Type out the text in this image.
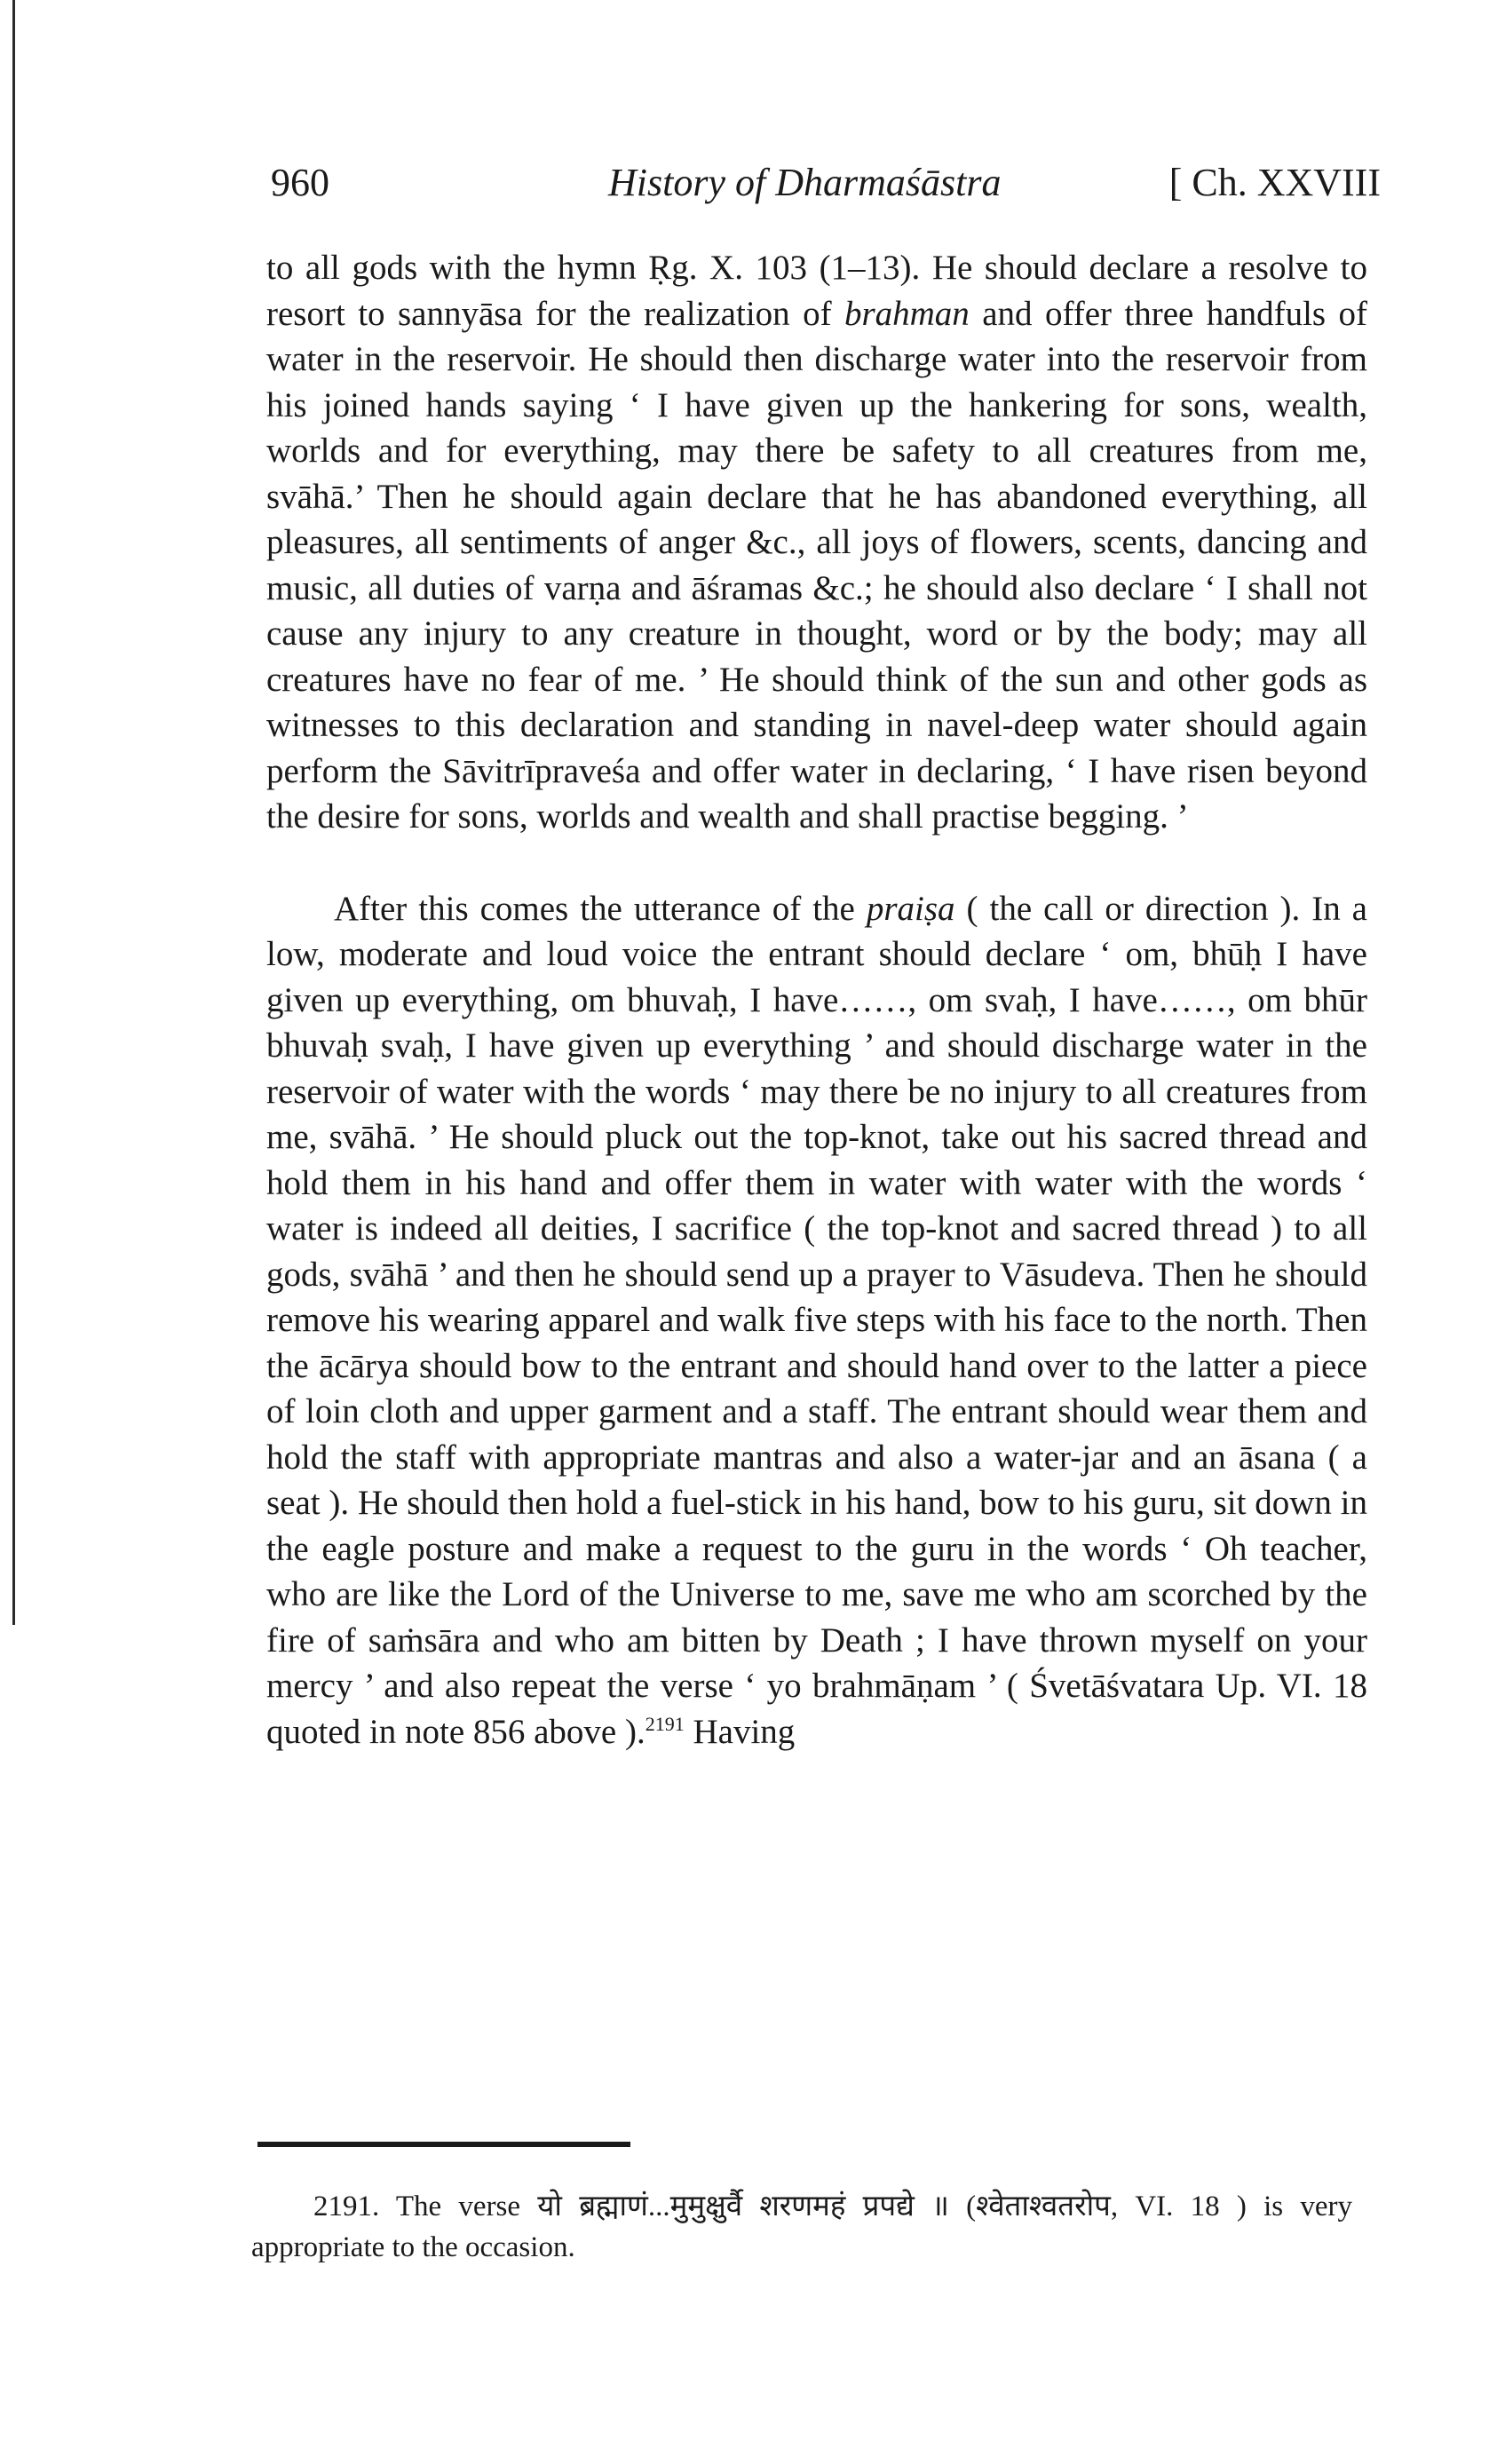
960	History of Dharmaśāstra	[ Ch. XXVIII

to all gods with the hymn Ṛg. X. 103 (1–13). He should declare a resolve to resort to sannyāsa for the realization of brahman and offer three handfuls of water in the reservoir. He should then discharge water into the reservoir from his joined hands saying ‘ I have given up the hankering for sons, wealth, worlds and for everything, may there be safety to all creatures from me, svāhā.’ Then he should again declare that he has abandoned everything, all pleasures, all sentiments of anger &c., all joys of flowers, scents, dancing and music, all duties of varṇa and āśramas &c.; he should also declare ‘ I shall not cause any injury to any creature in thought, word or by the body; may all creatures have no fear of me. ’ He should think of the sun and other gods as witnesses to this declaration and standing in navel-deep water should again perform the Sāvitrīpraveśa and offer water in declaring, ‘ I have risen beyond the desire for sons, worlds and wealth and shall practise begging. ’

After this comes the utterance of the praiṣa ( the call or direction ). In a low, moderate and loud voice the entrant should declare ‘ om, bhūḥ I have given up everything, om bhuvaḥ, I have……, om svaḥ, I have……, om bhūr bhuvaḥ svaḥ, I have given up everything ’ and should discharge water in the reservoir of water with the words ‘ may there be no injury to all creatures from me, svāhā. ’ He should pluck out the top-knot, take out his sacred thread and hold them in his hand and offer them in water with water with the words ‘ water is indeed all deities, I sacrifice ( the top-knot and sacred thread ) to all gods, svāhā ’ and then he should send up a prayer to Vāsudeva. Then he should remove his wearing apparel and walk five steps with his face to the north. Then the ācārya should bow to the entrant and should hand over to the latter a piece of loin cloth and upper garment and a staff. The entrant should wear them and hold the staff with appropriate mantras and also a water-jar and an āsana ( a seat ). He should then hold a fuel-stick in his hand, bow to his guru, sit down in the eagle posture and make a request to the guru in the words ‘ Oh teacher, who are like the Lord of the Universe to me, save me who am scorched by the fire of saṁsāra and who am bitten by Death ; I have thrown myself on your mercy ’ and also repeat the verse ‘ yo brahmāṇam ’ ( Śvetāśvatara Up. VI. 18 quoted in note 856 above ).$^{2191}$ Having

2191. The verse यो ब्रह्माणं...मुमुक्षुर्वै शरणमहं प्रपद्ये ॥ (श्वेताश्वतरोप, VI. 18 ) is very appropriate to the occasion.
